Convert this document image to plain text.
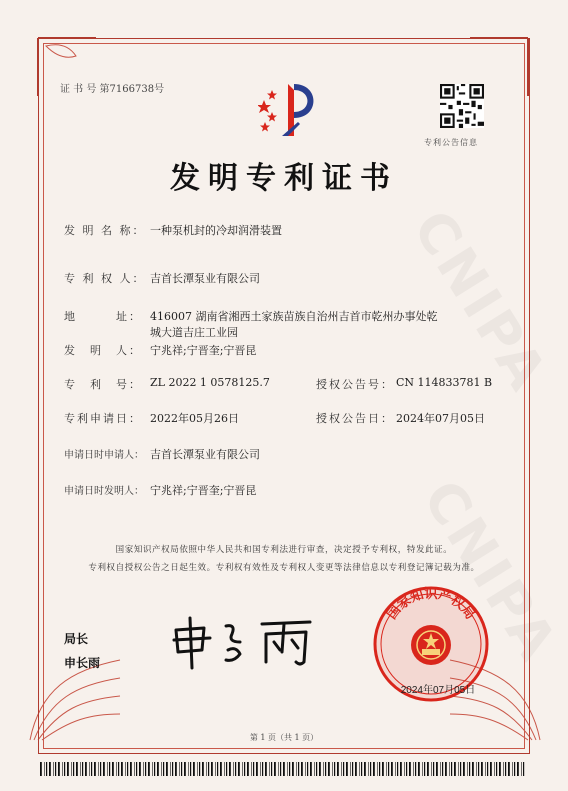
证 书 号 第7166738号
专利公告信息
发明专利证书
发 明 名 称： 一种泵机封的冷却润滑装置
专 利 权 人： 吉首长潭泵业有限公司
地　　　址： 416007 湖南省湘西土家族苗族自治州吉首市乾州办事处乾
城大道吉庄工业园
发　明　人： 宁兆祥;宁晋奎;宁晋昆
专　利　号： ZL 2022 1 0578125.7	授权公告号： CN 114833781 B
专利申请日： 2022年05月26日	授权公告日： 2024年07月05日
申请日时申请人： 吉首长潭泵业有限公司
申请日时发明人： 宁兆祥;宁晋奎;宁晋昆
国家知识产权局依照中华人民共和国专利法进行审查，决定授予专利权，特发此证。
专利权自授权公告之日起生效。专利权有效性及专利权人变更等法律信息以专利登记簿记载为准。
局长
申长雨
国家知识产权局
2024年07月05日
第 1 页（共 1 页）
